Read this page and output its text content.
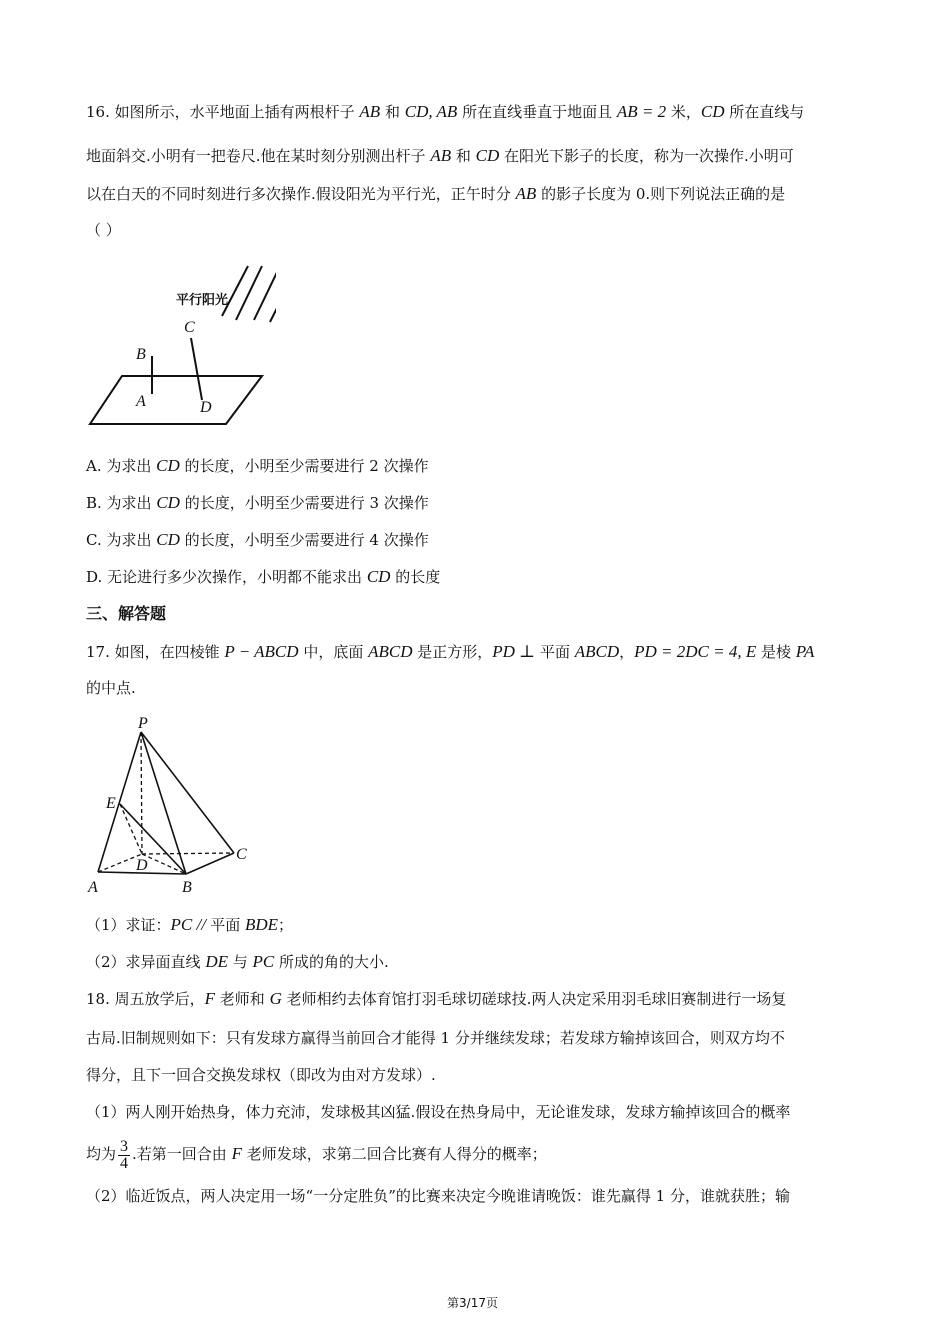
16. 如图所示，水平地面上插有两根杆子 AB 和 CD, AB 所在直线垂直于地面且 AB = 2 米，CD 所在直线与
地面斜交.小明有一把卷尺.他在某时刻分别测出杆子 AB 和 CD 在阳光下影子的长度，称为一次操作.小明可
以在白天的不同时刻进行多次操作.假设阳光为平行光，正午时分 AB 的影子长度为 0.则下列说法正确的是
（ ）
平行阳光
C
B
A	D
A. 为求出 CD 的长度，小明至少需要进行 2 次操作
B. 为求出 CD 的长度，小明至少需要进行 3 次操作
C. 为求出 CD 的长度，小明至少需要进行 4 次操作
D. 无论进行多少次操作，小明都不能求出 CD 的长度
三、解答题
17. 如图，在四棱锥 P − ABCD 中，底面 ABCD 是正方形，PD ⊥ 平面 ABCD，PD = 2DC = 4, E 是棱 PA
的中点.
P
E
D
C
A	B
（1）求证：PC // 平面 BDE；
（2）求异面直线 DE 与 PC 所成的角的大小.
18. 周五放学后，F 老师和 G 老师相约去体育馆打羽毛球切磋球技.两人决定采用羽毛球旧赛制进行一场复
古局.旧制规则如下：只有发球方赢得当前回合才能得 1 分并继续发球；若发球方输掉该回合，则双方均不
得分，且下一回合交换发球权（即改为由对方发球）.
（1）两人刚开始热身，体力充沛，发球极其凶猛.假设在热身局中，无论谁发球，发球方输掉该回合的概率
均为 $\frac{3}{4}$ .若第一回合由 F 老师发球，求第二回合比赛有人得分的概率；
（2）临近饭点，两人决定用一场“一分定胜负”的比赛来决定今晚谁请晚饭：谁先赢得 1 分，谁就获胜；输
第3/17页
